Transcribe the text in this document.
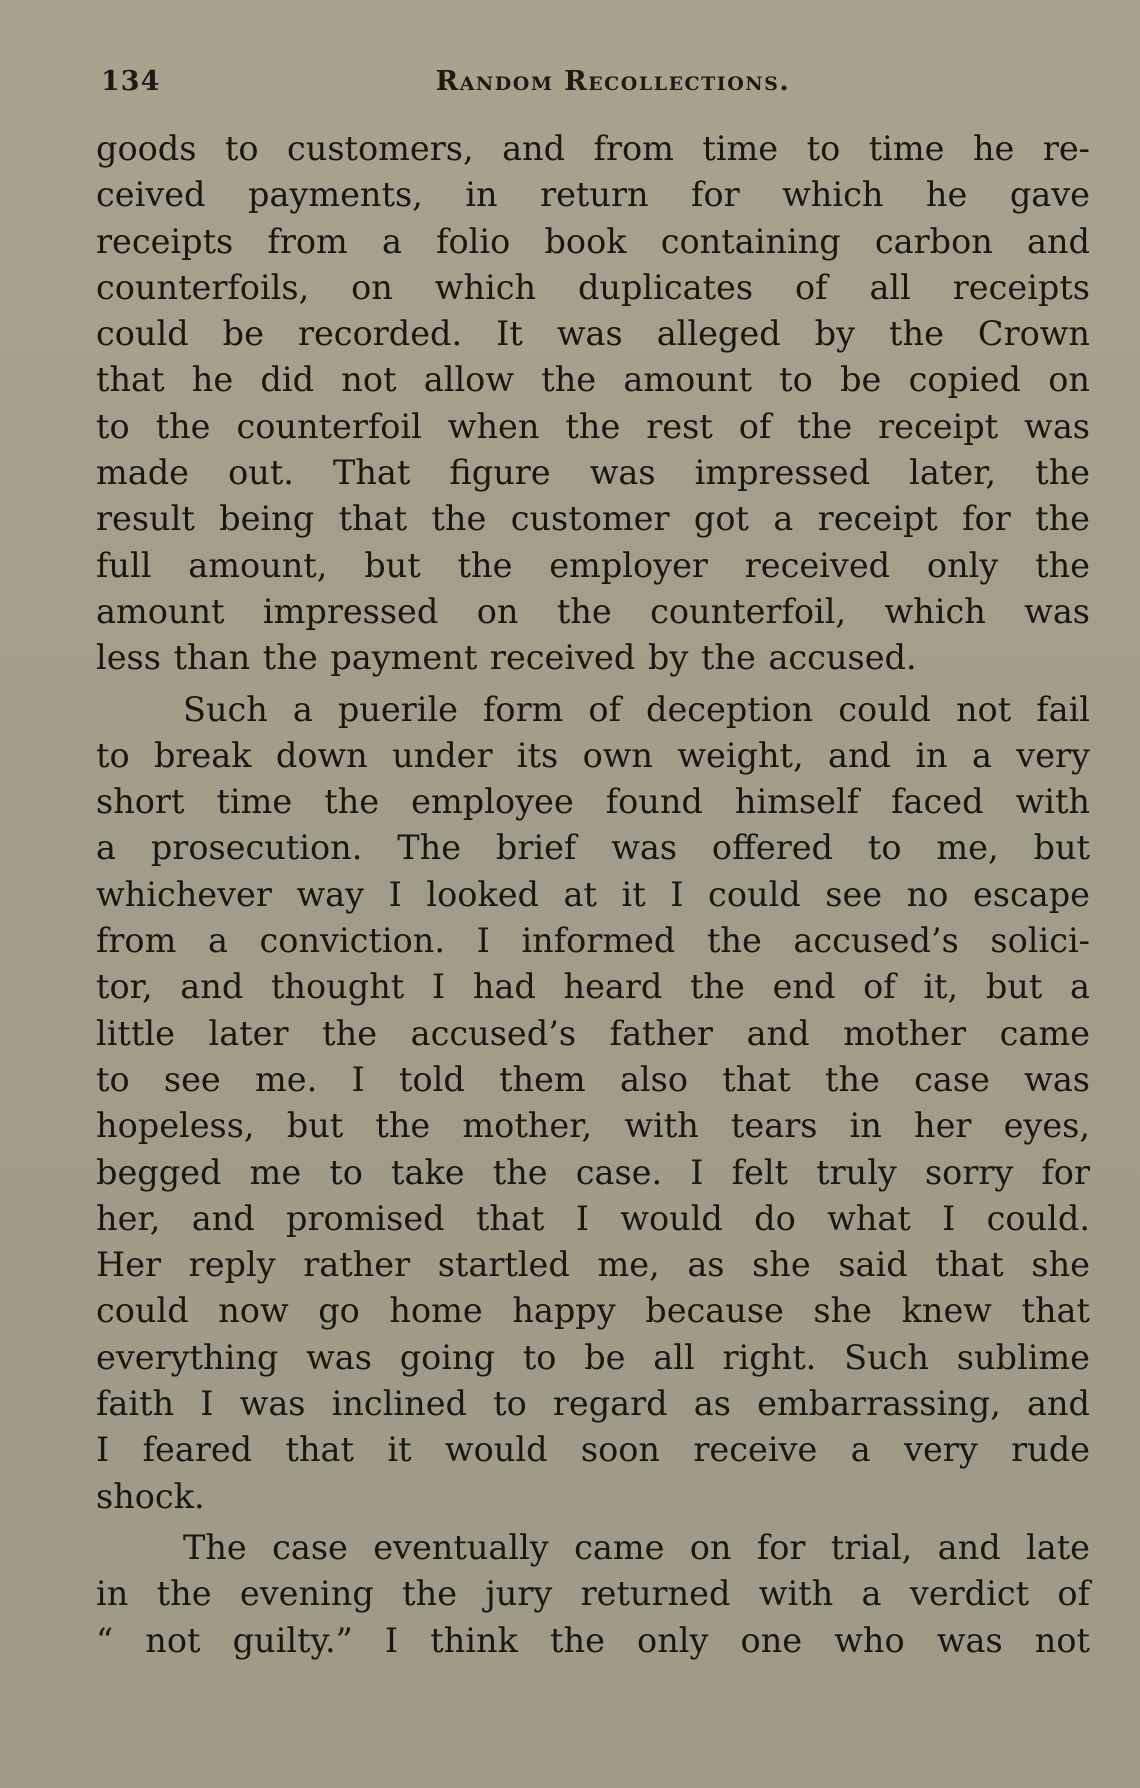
134	Random Recollections.
goods to customers, and from time to time he re-
ceived payments, in return for which he gave
receipts from a folio book containing carbon and
counterfoils, on which duplicates of all receipts
could be recorded. It was alleged by the Crown
that he did not allow the amount to be copied on
to the counterfoil when the rest of the receipt was
made out. That figure was impressed later, the
result being that the customer got a receipt for the
full amount, but the employer received only the
amount impressed on the counterfoil, which was
less than the payment received by the accused.
Such a puerile form of deception could not fail
to break down under its own weight, and in a very
short time the employee found himself faced with
a prosecution. The brief was offered to me, but
whichever way I looked at it I could see no escape
from a conviction. I informed the accused’s solici-
tor, and thought I had heard the end of it, but a
little later the accused’s father and mother came
to see me. I told them also that the case was
hopeless, but the mother, with tears in her eyes,
begged me to take the case. I felt truly sorry for
her, and promised that I would do what I could.
Her reply rather startled me, as she said that she
could now go home happy because she knew that
everything was going to be all right. Such sublime
faith I was inclined to regard as embarrassing, and
I feared that it would soon receive a very rude
shock.
The case eventually came on for trial, and late
in the evening the jury returned with a verdict of
“ not guilty.” I think the only one who was not
